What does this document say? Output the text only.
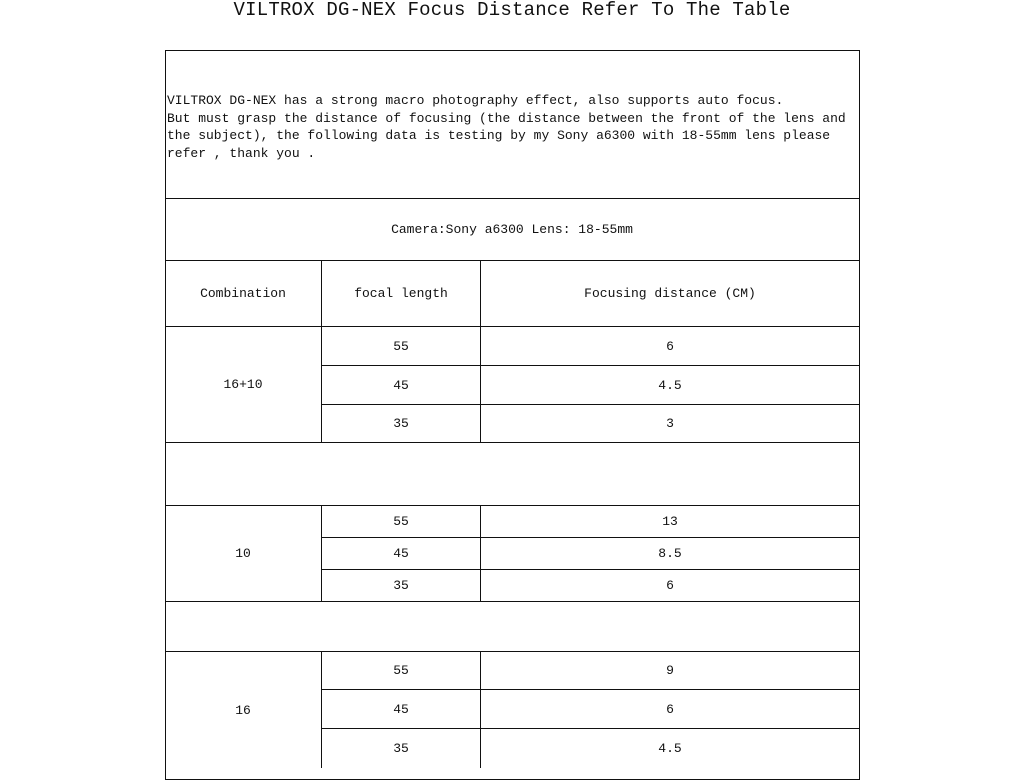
VILTROX DG-NEX Focus Distance Refer To The Table

VILTROX DG-NEX has a strong macro photography effect, also supports auto focus.

But must grasp the distance of focusing (the distance between the front of the lens and the subject), the following data is testing by my Sony a6300 with 18-55mm lens please refer , thank you .

Camera:Sony a6300 Lens: 18-55mm
Combination	focal length	Focusing distance (CM)
16+10
55	6
45	4.5
35	3
10
55	13
45	8.5
35	6
16
55	9
45	6
35	4.5
